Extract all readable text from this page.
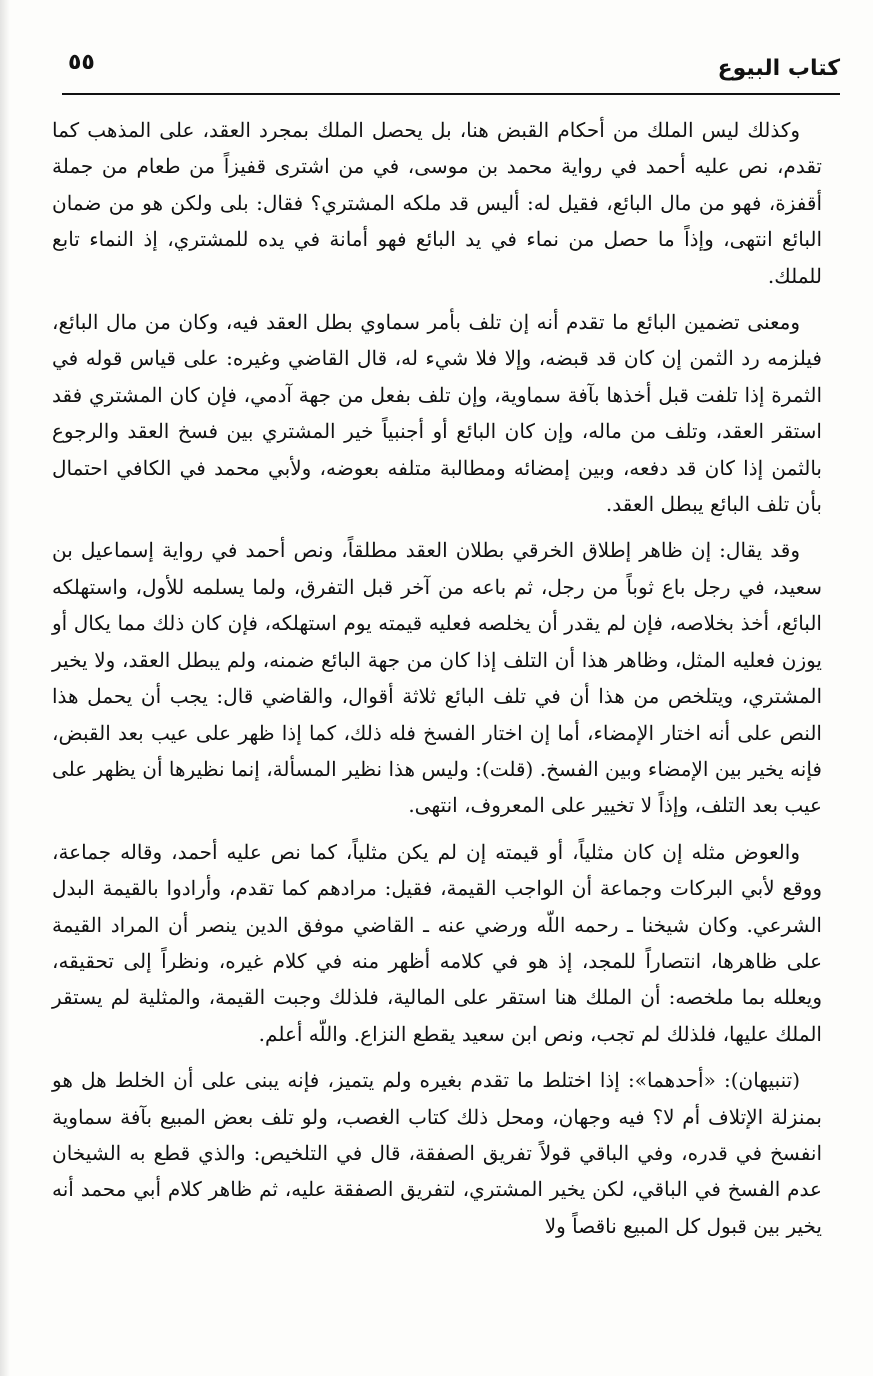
كتاب البيوع
٥٥

وكذلك ليس الملك من أحكام القبض هنا، بل يحصل الملك بمجرد العقد، على المذهب كما تقدم، نص عليه أحمد في رواية محمد بن موسى، في من اشترى قفيزاً من طعام من جملة أقفزة، فهو من مال البائع، فقيل له: أليس قد ملكه المشتري؟ فقال: بلى ولكن هو من ضمان البائع انتهى، وإذاً ما حصل من نماء في يد البائع فهو أمانة في يده للمشتري، إذ النماء تابع للملك.

ومعنى تضمين البائع ما تقدم أنه إن تلف بأمر سماوي بطل العقد فيه، وكان من مال البائع، فيلزمه رد الثمن إن كان قد قبضه، وإلا فلا شيء له، قال القاضي وغيره: على قياس قوله في الثمرة إذا تلفت قبل أخذها بآفة سماوية، وإن تلف بفعل من جهة آدمي، فإن كان المشتري فقد استقر العقد، وتلف من ماله، وإن كان البائع أو أجنبياً خير المشتري بين فسخ العقد والرجوع بالثمن إذا كان قد دفعه، وبين إمضائه ومطالبة متلفه بعوضه، ولأبي محمد في الكافي احتمال بأن تلف البائع يبطل العقد.

وقد يقال: إن ظاهر إطلاق الخرقي بطلان العقد مطلقاً، ونص أحمد في رواية إسماعيل بن سعيد، في رجل باع ثوباً من رجل، ثم باعه من آخر قبل التفرق، ولما يسلمه للأول، واستهلكه البائع، أخذ بخلاصه، فإن لم يقدر أن يخلصه فعليه قيمته يوم استهلكه، فإن كان ذلك مما يكال أو يوزن فعليه المثل، وظاهر هذا أن التلف إذا كان من جهة البائع ضمنه، ولم يبطل العقد، ولا يخير المشتري، ويتلخص من هذا أن في تلف البائع ثلاثة أقوال، والقاضي قال: يجب أن يحمل هذا النص على أنه اختار الإمضاء، أما إن اختار الفسخ فله ذلك، كما إذا ظهر على عيب بعد القبض، فإنه يخير بين الإمضاء وبين الفسخ. (قلت): وليس هذا نظير المسألة، إنما نظيرها أن يظهر على عيب بعد التلف، وإذاً لا تخيير على المعروف، انتهى.

والعوض مثله إن كان مثلياً، أو قيمته إن لم يكن مثلياً، كما نص عليه أحمد، وقاله جماعة، ووقع لأبي البركات وجماعة أن الواجب القيمة، فقيل: مرادهم كما تقدم، وأرادوا بالقيمة البدل الشرعي. وكان شيخنا ـ رحمه اللّه ورضي عنه ـ القاضي موفق الدين ينصر أن المراد القيمة على ظاهرها، انتصاراً للمجد، إذ هو في كلامه أظهر منه في كلام غيره، ونظراً إلى تحقيقه، ويعلله بما ملخصه: أن الملك هنا استقر على المالية، فلذلك وجبت القيمة، والمثلية لم يستقر الملك عليها، فلذلك لم تجب، ونص ابن سعيد يقطع النزاع. واللّه أعلم.

(تنبيهان): «أحدهما»: إذا اختلط ما تقدم بغيره ولم يتميز، فإنه يبنى على أن الخلط هل هو بمنزلة الإتلاف أم لا؟ فيه وجهان، ومحل ذلك كتاب الغصب، ولو تلف بعض المبيع بآفة سماوية انفسخ في قدره، وفي الباقي قولاً تفريق الصفقة، قال في التلخيص: والذي قطع به الشيخان عدم الفسخ في الباقي، لكن يخير المشتري، لتفريق الصفقة عليه، ثم ظاهر كلام أبي محمد أنه يخير بين قبول كل المبيع ناقصاً ولا
